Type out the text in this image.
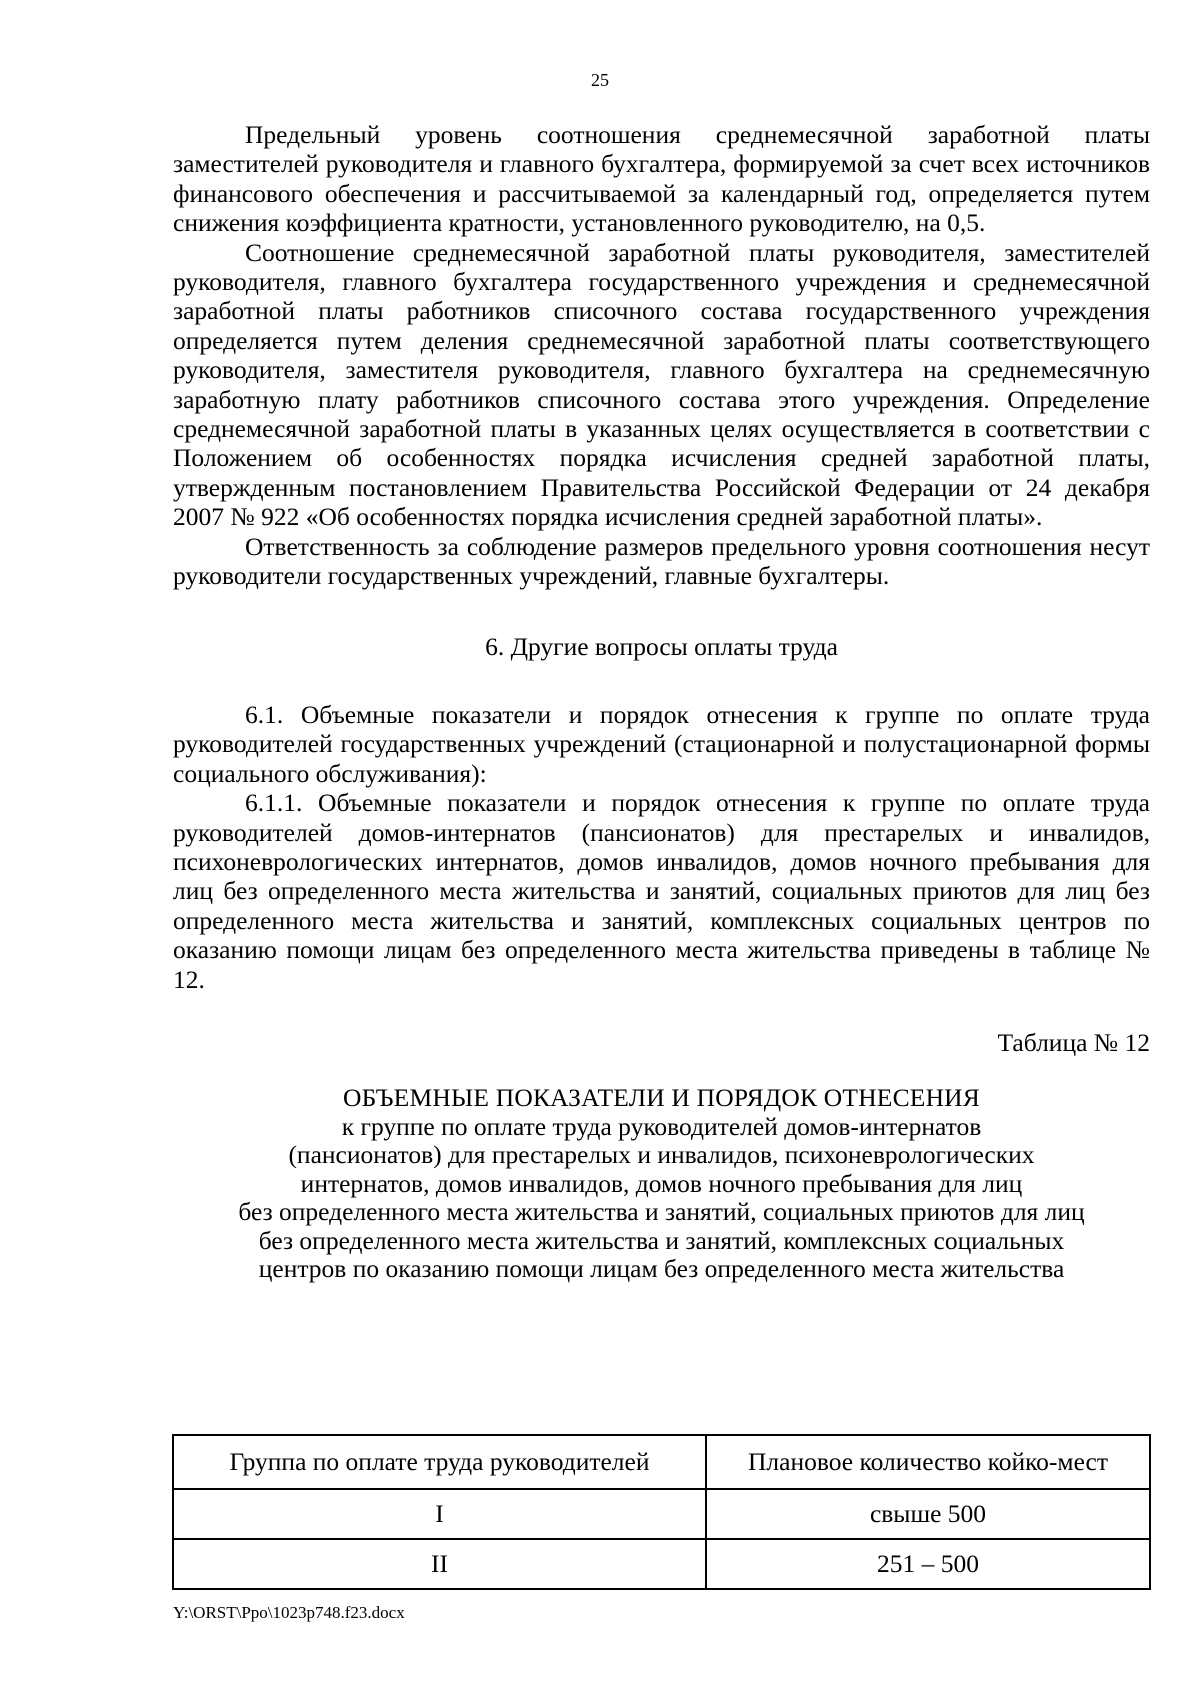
25

Предельный уровень соотношения среднемесячной заработной платы заместителей руководителя и главного бухгалтера, формируемой за счет всех источников финансового обеспечения и рассчитываемой за календарный год, определяется путем снижения коэффициента кратности, установленного руководителю, на 0,5.

Соотношение среднемесячной заработной платы руководителя, заместителей руководителя, главного бухгалтера государственного учреждения и среднемесячной заработной платы работников списочного состава государственного учреждения определяется путем деления среднемесячной заработной платы соответствующего руководителя, заместителя руководителя, главного бухгалтера на среднемесячную заработную плату работников списочного состава этого учреждения. Определение среднемесячной заработной платы в указанных целях осуществляется в соответствии с Положением об особенностях порядка исчисления средней заработной платы, утвержденным постановлением Правительства Российской Федерации от 24 декабря 2007 № 922 «Об особенностях порядка исчисления средней заработной платы».

Ответственность за соблюдение размеров предельного уровня соотношения несут руководители государственных учреждений, главные бухгалтеры.

6. Другие вопросы оплаты труда

6.1. Объемные показатели и порядок отнесения к группе по оплате труда руководителей государственных учреждений (стационарной и полустационарной формы социального обслуживания):

6.1.1. Объемные показатели и порядок отнесения к группе по оплате труда руководителей домов-интернатов (пансионатов) для престарелых и инвалидов, психоневрологических интернатов, домов инвалидов, домов ночного пребывания для лиц без определенного места жительства и занятий, социальных приютов для лиц без определенного места жительства и занятий, комплексных социальных центров по оказанию помощи лицам без определенного места жительства приведены в таблице № 12.

Таблица № 12

ОБЪЕМНЫЕ ПОКАЗАТЕЛИ И ПОРЯДОК ОТНЕСЕНИЯ
к группе по оплате труда руководителей домов-интернатов
(пансионатов) для престарелых и инвалидов, психоневрологических
интернатов, домов инвалидов, домов ночного пребывания для лиц
без определенного места жительства и занятий, социальных приютов для лиц
без определенного места жительства и занятий, комплексных социальных
центров по оказанию помощи лицам без определенного места жительства
Группа по оплате труда руководителей	Плановое количество койко-мест
I	свыше 500
II	251 – 500
Y:\ORST\Ppo\1023p748.f23.docx
